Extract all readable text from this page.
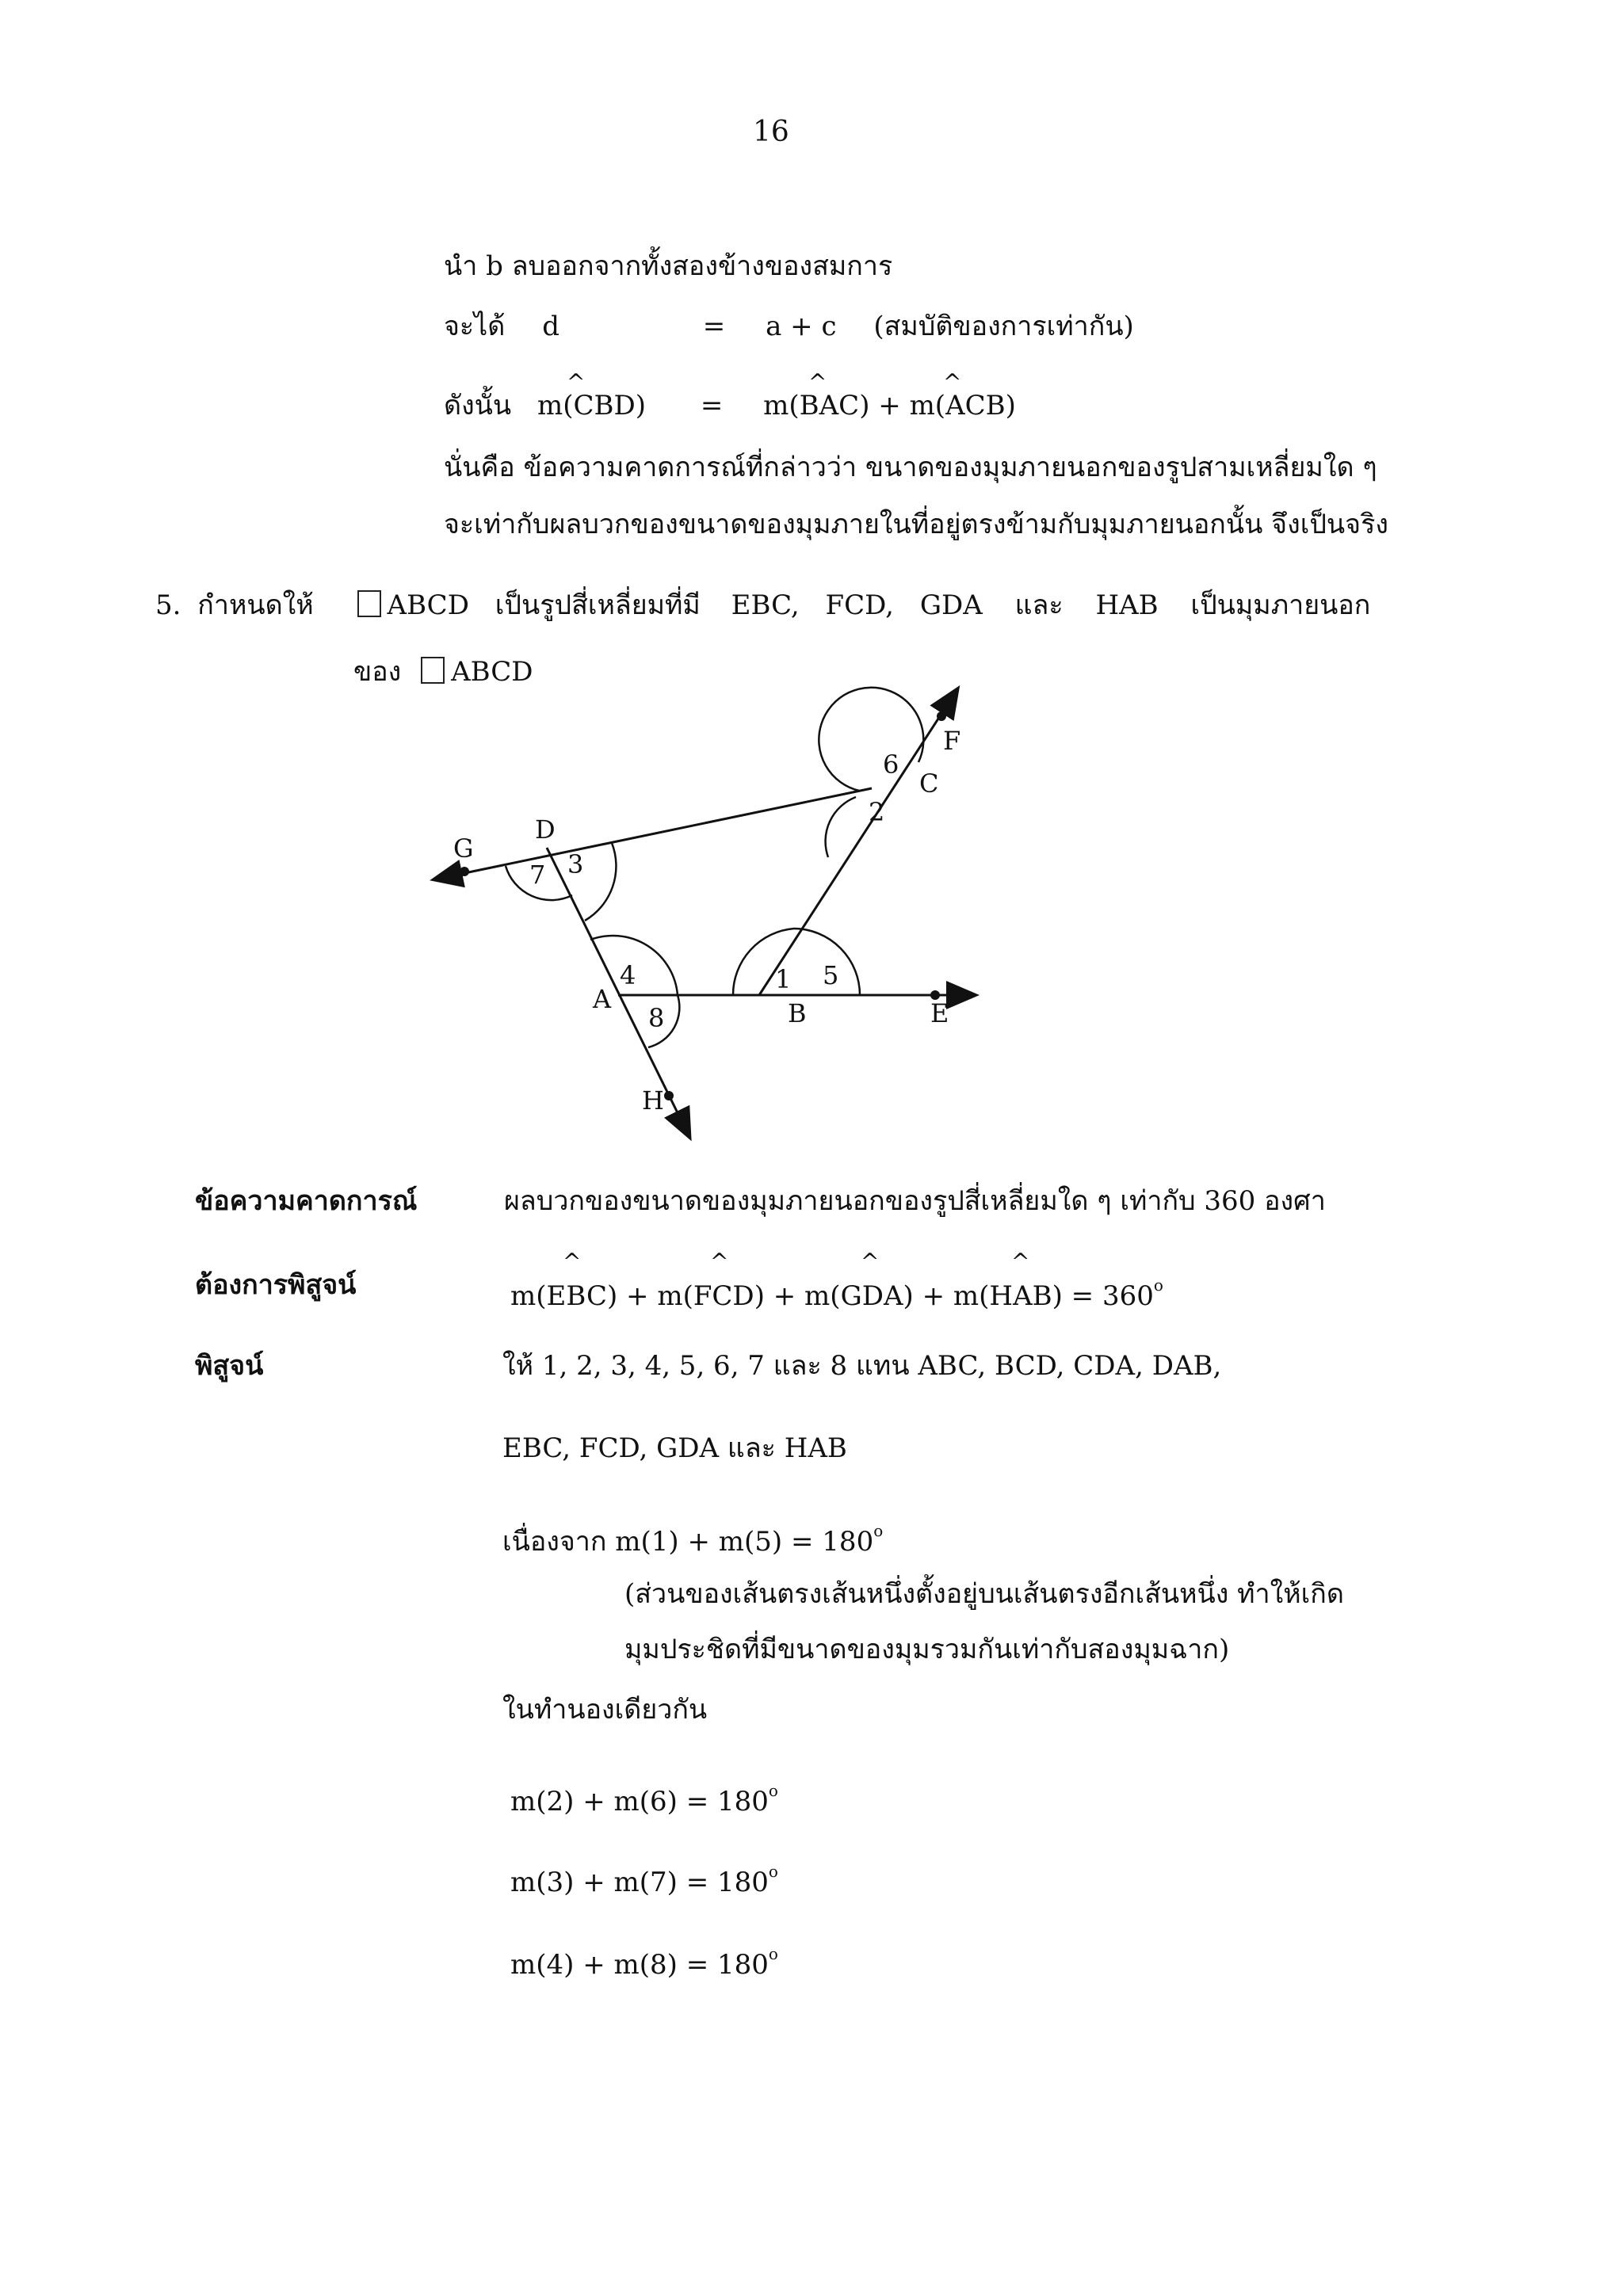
16
นำ b ลบออกจากทั้งสองข้างของสมการ
จะได้ d	= a + c (สมบัติของการเท่ากัน)
ดังนั้น m(CBD) = m(BAC) + m(ACB)
^	^	^
นั่นคือ ข้อความคาดการณ์ที่กล่าวว่า ขนาดของมุมภายนอกของรูปสามเหลี่ยมใด ๆ
จะเท่ากับผลบวกของขนาดของมุมภายในที่อยู่ตรงข้ามกับมุมภายนอกนั้น จึงเป็นจริง
5. กำหนดให้	ABCD เป็นรูปสี่เหลี่ยมที่มี EBC, FCD, GDA และ HAB เป็นมุมภายนอก
ของ ABCD
G
D
C
F
A	B	E
H
1
2
3
4	5
6
7
8
ข้อความคาดการณ์	ผลบวกของขนาดของมุมภายนอกของรูปสี่เหลี่ยมใด ๆ เท่ากับ 360 องศา
ต้องการพิสูจน์	$m(EBC) + m(FCD) + m(GDA) + m(HAB) = 360^o$
^	^	^	^
พิสูจน์	ให้ 1, 2, 3, 4, 5, 6, 7 และ 8 แทน ABC, BCD, CDA, DAB,
EBC, FCD, GDA และ HAB
เนื่องจาก $m(1) + m(5) = 180^o$
(ส่วนของเส้นตรงเส้นหนึ่งตั้งอยู่บนเส้นตรงอีกเส้นหนึ่ง ทำให้เกิด
มุมประชิดที่มีขนาดของมุมรวมกันเท่ากับสองมุมฉาก)
ในทำนองเดียวกัน
$m(2) + m(6) = 180^o$
$m(3) + m(7) = 180^o$
$m(4) + m(8) = 180^o$
